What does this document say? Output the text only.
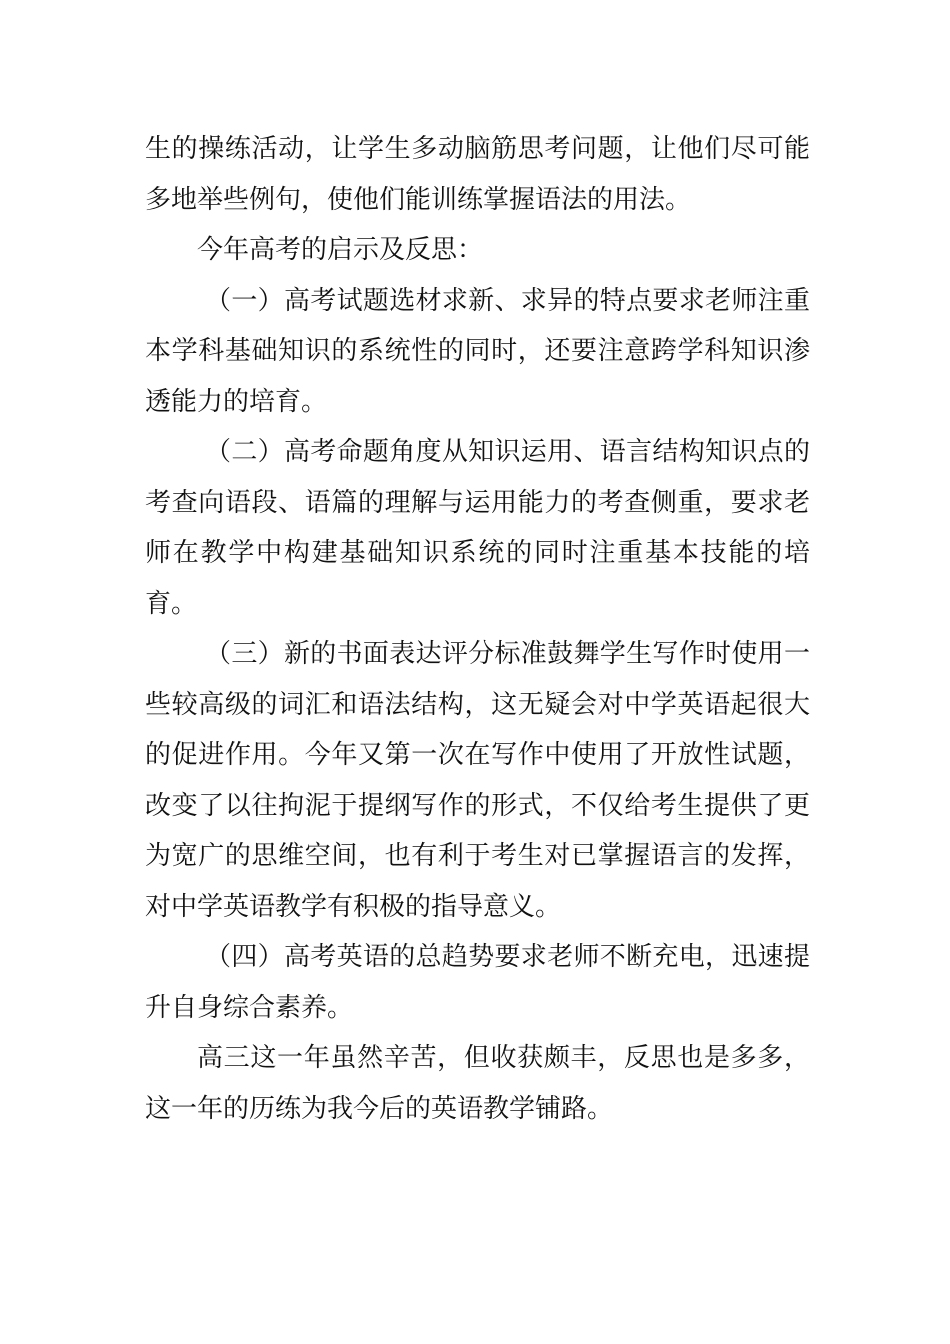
生的操练活动，让学生多动脑筋思考问题，让他们尽可能多地举些例句，使他们能训练掌握语法的用法。

今年高考的启示及反思：

（一）高考试题选材求新、求异的特点要求老师注重本学科基础知识的系统性的同时，还要注意跨学科知识渗透能力的培育。

（二）高考命题角度从知识运用、语言结构知识点的考查向语段、语篇的理解与运用能力的考查侧重，要求老师在教学中构建基础知识系统的同时注重基本技能的培育。

（三）新的书面表达评分标准鼓舞学生写作时使用一些较高级的词汇和语法结构，这无疑会对中学英语起很大的促进作用。今年又第一次在写作中使用了开放性试题，改变了以往拘泥于提纲写作的形式，不仅给考生提供了更为宽广的思维空间，也有利于考生对已掌握语言的发挥，对中学英语教学有积极的指导意义。

（四）高考英语的总趋势要求老师不断充电，迅速提升自身综合素养。

高三这一年虽然辛苦，但收获颇丰，反思也是多多，这一年的历练为我今后的英语教学铺路。
